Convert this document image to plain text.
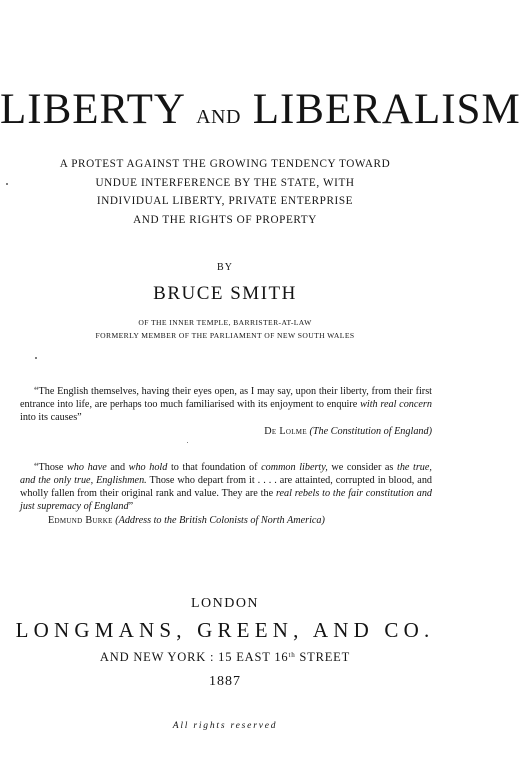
LIBERTY AND LIBERALISM
A PROTEST AGAINST THE GROWING TENDENCY TOWARD
UNDUE INTERFERENCE BY THE STATE, WITH
INDIVIDUAL LIBERTY, PRIVATE ENTERPRISE
AND THE RIGHTS OF PROPERTY
BY
BRUCE SMITH
OF THE INNER TEMPLE, BARRISTER-AT-LAW
FORMERLY MEMBER OF THE PARLIAMENT OF NEW SOUTH WALES

“The English themselves, having their eyes open, as I may say, upon their liberty, from their first entrance into life, are perhaps too much familiarised with its enjoyment to enquire with real concern into its causes”

De Lolme (The Constitution of England)

“Those who have and who hold to that foundation of common liberty, we consider as the true, and the only true, Englishmen. Those who depart from it . . . . are attainted, corrupted in blood, and wholly fallen from their original rank and value. They are the real rebels to the fair constitution and just supremacy of England”

Edmund Burke (Address to the British Colonists of North America)

LONDON
LONGMANS, GREEN, AND CO.
AND NEW YORK : 15 EAST 16th STREET
1887
All rights reserved
